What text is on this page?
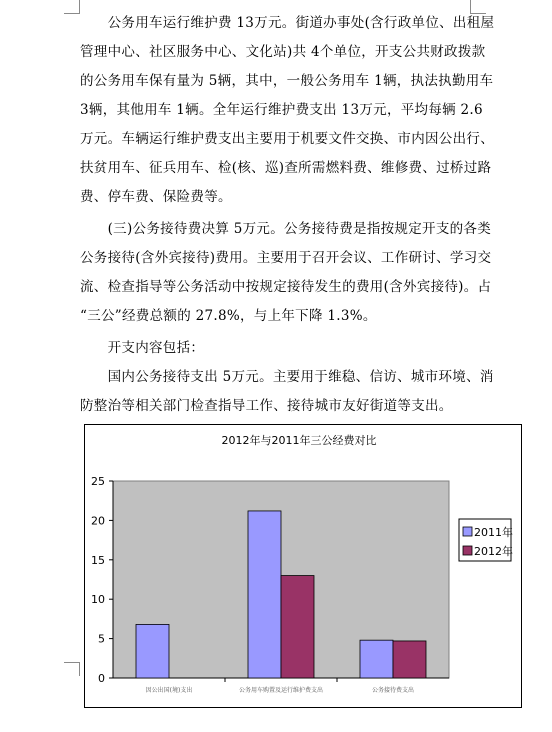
　　公务用车运行维护费 13万元。街道办事处(含行政单位、出租屋
管理中心、社区服务中心、文化站)共 4个单位，开支公共财政拨款
的公务用车保有量为 5辆，其中，一般公务用车 1辆，执法执勤用车
3辆，其他用车 1辆。全年运行维护费支出 13万元，平均每辆 2.6
万元。车辆运行维护费支出主要用于机要文件交换、市内因公出行、
扶贫用车、征兵用车、检(核、巡)查所需燃料费、维修费、过桥过路
费、停车费、保险费等。
　　(三)公务接待费决算 5万元。公务接待费是指按规定开支的各类
公务接待(含外宾接待)费用。主要用于召开会议、工作研讨、学习交
流、检查指导等公务活动中按规定接待发生的费用(含外宾接待)。占
“三公”经费总额的 27.8%，与上年下降 1.3%。
　　开支内容包括：
　　国内公务接待支出 5万元。主要用于维稳、信访、城市环境、消
防整治等相关部门检查指导工作、接待城市友好街道等支出。
2012年与2011年三公经费对比
0
5
10
15
20
25
因公出国(境)支出	公务用车购置及运行维护费支出	公务接待费支出
2011年
2012年
